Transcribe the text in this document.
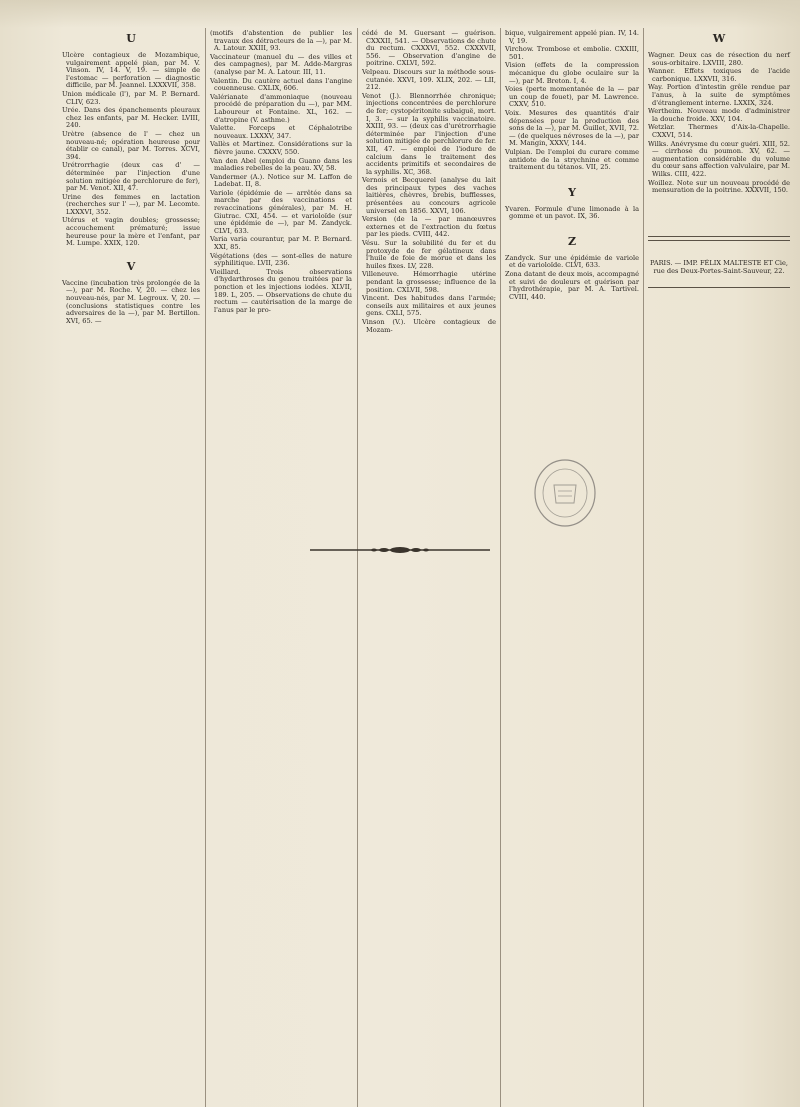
U

Ulcère contagieux de Mozambique, vulgairement appelé pian, par M. V. Vinson. IV, 14. V, 19. — simple de l'estomac — perforation — diagnostic difficile, par M. Jeannel. LXXXVII, 358.

Union médicale (l'), par M. P. Bernard. CLIV, 623.

Urée. Dans des épanchements pleuraux chez les enfants, par M. Hecker. LVIII, 240.

Urètre (absence de l' — chez un nouveau-né; opération heureuse pour établir ce canal), par M. Torres. XCVI, 394.

Urétrorrhagie (deux cas d' — déterminée par l'injection d'une solution mitigée de perchlorure de fer), par M. Venot. XII, 47.

Urine des femmes en lactation (recherches sur l' —), par M. Lecomte. LXXXVI, 352.

Utérus et vagin doubles; grossesse; accouchement prématuré; issue heureuse pour la mère et l'enfant, par M. Lumpe. XXIX, 120.

V

Vaccine (incubation très prolongée de la —), par M. Roche. V, 20. — chez les nouveau-nés, par M. Legroux. V, 20. — (conclusions statistiques contre les adversaires de la —), par M. Bertillon. XVI, 65. —

(motifs d'abstention de publier les travaux des détracteurs de la —), par M. A. Latour. XXIII, 93.

Vaccinateur (manuel du — des villes et des campagnes), par M. Adde-Margras (analyse par M. A. Latour. III, 11.

Valentin. Du cautère actuel dans l'angine couenneuse. CXLIX, 606.

Valérianate d'ammoniaque (nouveau procédé de préparation du —), par MM. Laboureur et Fontaine. XL, 162. — d'atropine (V. asthme.)

Valette. Forceps et Céphalotribe nouveaux. LXXXV, 347.

Vallès et Martinez. Considérations sur la fièvre jaune. CXXXV, 550.

Van den Abel (emploi du Guano dans les maladies rebelles de la peau. XV, 58.

Vandermer (A.). Notice sur M. Laffon de Ladebat. II, 8.

Variole (épidémie de — arrêtée dans sa marche par des vaccinations et revaccinations générales), par M. H. Giutrac. CXI, 454. — et varioloïde (sur une épidémie de —), par M. Zandyck. CLVI, 633.

Varia varia courantur, par M. P. Bernard. XXI, 85.

Végétations (des — sont-elles de nature syphilitique. LVII, 236.

Vieillard. Trois observations d'hydarthroses du genou traitées par la ponction et les injections iodées. XLVII, 189. L, 205. — Observations de chute du rectum — cautérisation de la marge de l'anus par le pro-

cédé de M. Guersant — guérison. CXXXII, 541. — Observations de chute du rectum. CXXXVI, 552. CXXXVII, 556. — Observation d'angine de poitrine. CXLVI, 592.

Velpeau. Discours sur la méthode sous-cutanée. XXVI, 109. XLIX, 202. — LII, 212.

Venot (J.). Blennorrhée chronique; injections concentrées de perchlorure de fer; cystopéritonite subaiguë, mort. I, 3. — sur la syphilis vaccinatoire. XXIII, 93. — (deux cas d'urétrorrhagie déterminée par l'injection d'une solution mitigée de perchlorure de fer. XII, 47. — emploi de l'iodure de calcium dans le traitement des accidents primitifs et secondaires de la syphilis. XC, 368.

Vernois et Becquerel (analyse du lait des principaux types des vaches laitières, chèvres, brebis, bufflesses, présentées au concours agricole universel en 1856. XXVI, 106.

Version (de la — par manœuvres externes et de l'extraction du fœtus par les pieds. CVIII, 442.

Vésu. Sur la solubilité du fer et du protoxyde de fer gélatineux dans l'huile de foie de morue et dans les huiles fixes. LV, 228.

Villeneuve. Hémorrhagie utérine pendant la grossesse; influence de la position. CXLVII, 598.

Vincent. Des habitudes dans l'armée; conseils aux militaires et aux jeunes gens. CXLI, 575.

Vinson (V.). Ulcère contagieux de Mozam-

bique, vulgairement appelé pian. IV, 14. V, 19.

Virchow. Trombose et embolie. CXXIII, 501.

Vision (effets de la compression mécanique du globe oculaire sur la —), par M. Breton. I, 4.

Voies (perte momentanée de la — par un coup de fouet), par M. Lawrence. CXXV, 510.

Voix. Mesures des quantités d'air dépensées pour la production des sons de la —), par M. Guillet, XVII, 72. — (de quelques névroses de la —), par M. Mangin, XXXV, 144.

Vulpian. De l'emploi du curare comme antidote de la strychnine et comme traitement du tétanos. VII, 25.

Y

Yvaren. Formule d'une limonade à la gomme et un pavot. IX, 36.

Z

Zandyck. Sur une épidémie de variole et de varioloïde. CLVI, 633.

Zona datant de deux mois, accompagné et suivi de douleurs et guérison par l'hydrothérapie, par M. A. Tartivel. CVIII, 440.

W

Wagner. Deux cas de résection du nerf sous-orbitaire. LXVIII, 280.

Wanner. Effets toxiques de l'acide carbonique. LXXVII, 316.

Way. Portion d'intestin grêle rendue par l'anus, à la suite de symptômes d'étranglement interne. LXXIX, 324.

Wertheim. Nouveau mode d'administrer la douche froide. XXV, 104.

Wetzlar. Thermes d'Aix-la-Chapelle. CXXVI, 514.

Wilks. Anévrysme du cœur guéri. XIII, 52.— cirrhose du poumon. XV, 62. — augmentation considérable du volume du cœur sans affection valvulaire, par M. Wilks. CIII, 422.

Woillez. Note sur un nouveau procédé de mensuration de la poitrine. XXXVII, 150.

PARIS. — IMP. FÉLIX MALTESTE ET Cie,
rue des Deux-Portes-Saint-Sauveur, 22.
